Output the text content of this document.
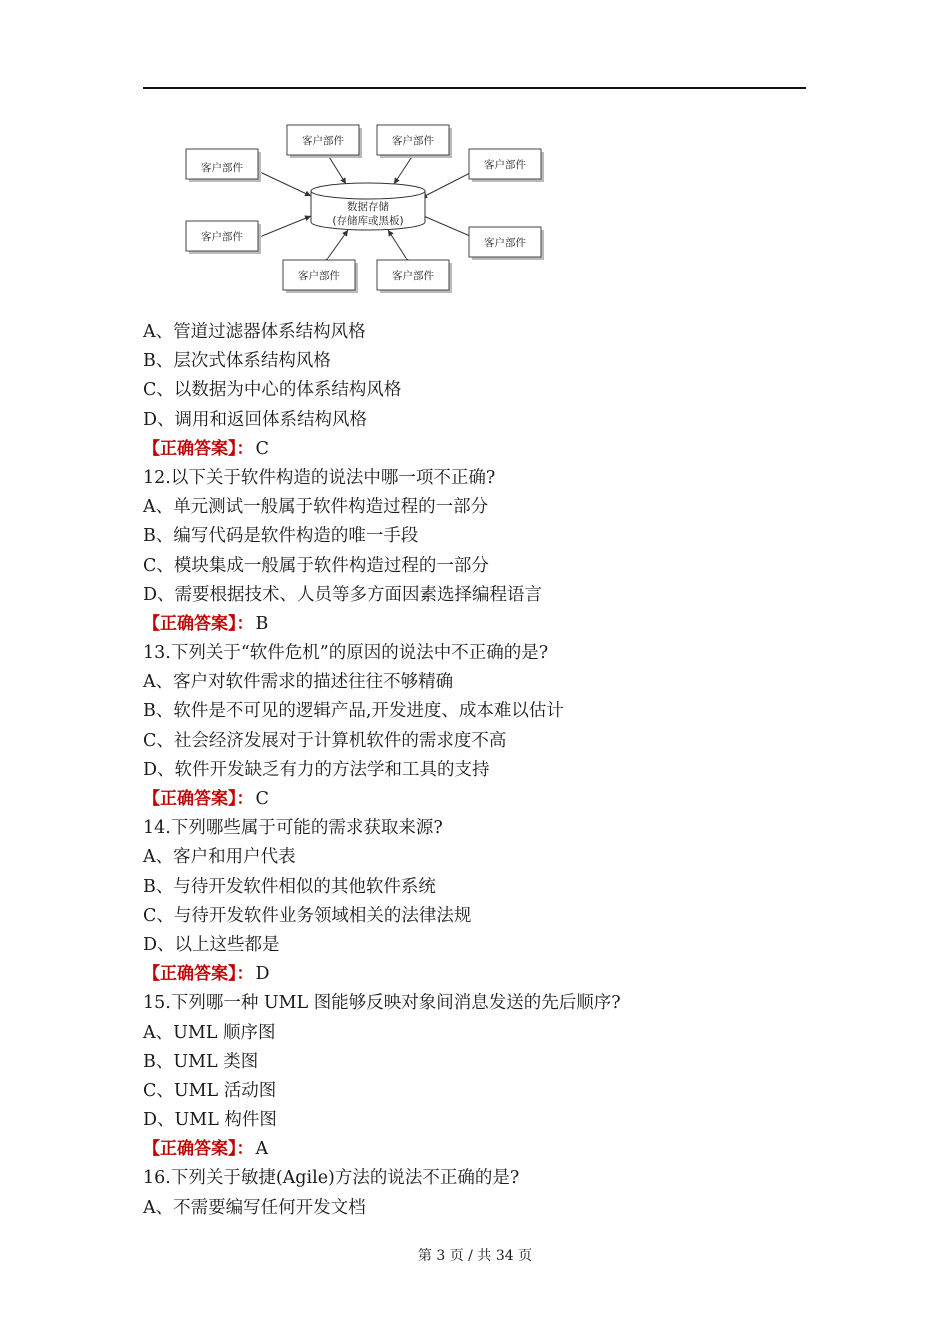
数据存储
(存储库或黑板)
客户部件
客户部件	客户部件
客户部件
客户部件	客户部件
客户部件	客户部件
A、管道过滤器体系结构风格
B、层次式体系结构风格
C、以数据为中心的体系结构风格
D、调用和返回体系结构风格
【正确答案】： C
12.以下关于软件构造的说法中哪一项不正确?
A、单元测试一般属于软件构造过程的一部分
B、编写代码是软件构造的唯一手段
C、模块集成一般属于软件构造过程的一部分
D、需要根据技术、人员等多方面因素选择编程语言
【正确答案】： B
13.下列关于“软件危机”的原因的说法中不正确的是?
A、客户对软件需求的描述往往不够精确
B、软件是不可见的逻辑产品,开发进度、成本难以估计
C、社会经济发展对于计算机软件的需求度不高
D、软件开发缺乏有力的方法学和工具的支持
【正确答案】： C
14.下列哪些属于可能的需求获取来源?
A、客户和用户代表
B、与待开发软件相似的其他软件系统
C、与待开发软件业务领域相关的法律法规
D、以上这些都是
【正确答案】： D
15.下列哪一种 UML 图能够反映对象间消息发送的先后顺序?
A、UML 顺序图
B、UML 类图
C、UML 活动图
D、UML 构件图
【正确答案】： A
16.下列关于敏捷(Agile)方法的说法不正确的是?
A、不需要编写任何开发文档
第 3 页 / 共 34 页
